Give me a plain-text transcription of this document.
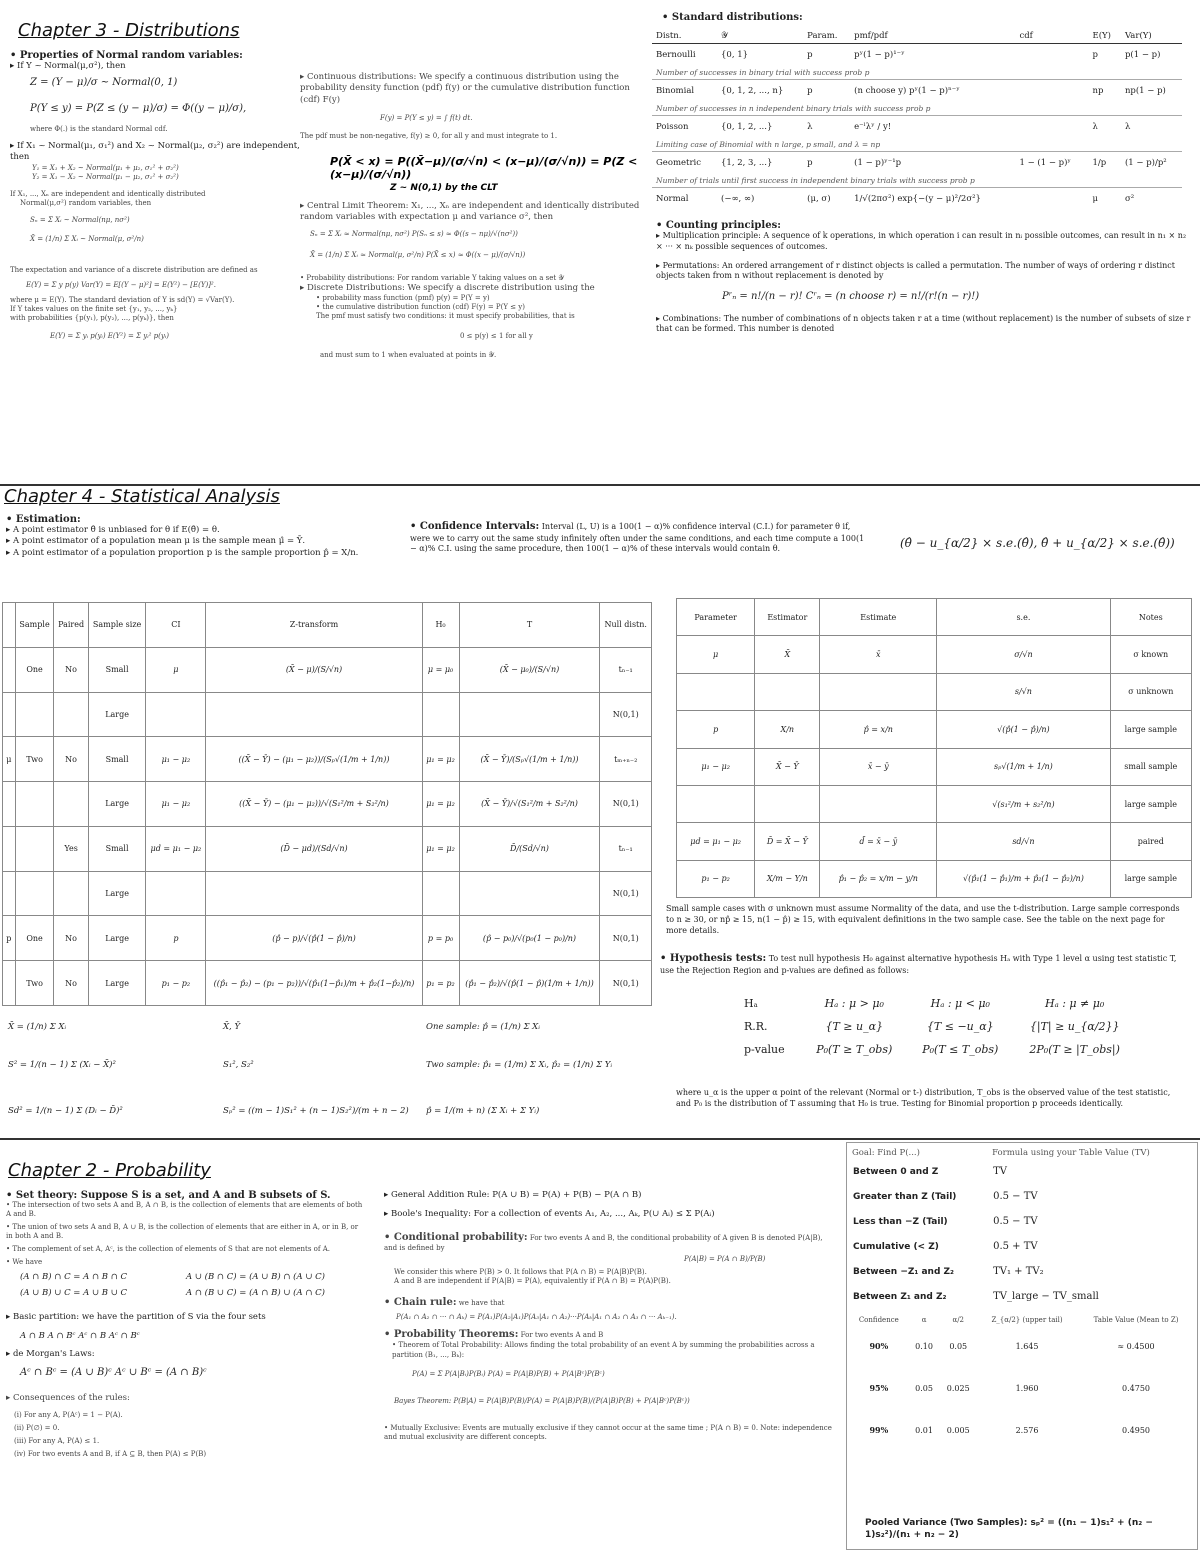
Chapter 3 - Distributions
• Properties of Normal random variables:
▸ If Y ~ Normal(μ,σ²), then
Z = (Y − μ)/σ ~ Normal(0, 1)
P(Y ≤ y) = P(Z ≤ (y − μ)/σ) = Φ((y − μ)/σ),
where Φ(.) is the standard Normal cdf.
▸ If X₁ ~ Normal(μ₁, σ₁²) and X₂ ~ Normal(μ₂, σ₂²) are independent, then
Y₁ = X₁ + X₂ ~ Normal(μ₁ + μ₂, σ₁² + σ₂²)
Y₂ = X₁ − X₂ ~ Normal(μ₁ − μ₂, σ₁² + σ₂²)
If X₁, ..., Xₙ are independent and identically distributed
Normal(μ,σ²) random variables, then
Sₙ = Σ Xᵢ ~ Normal(nμ, nσ²)
X̄ = (1/n) Σ Xᵢ ~ Normal(μ, σ²/n)
The expectation and variance of a discrete distribution are defined as
E(Y) = Σ y p(y) Var(Y) = E[(Y − μ)²] = E(Y²) − [E(Y)]².
where μ = E(Y). The standard deviation of Y is sd(Y) = √Var(Y).
If Y takes values on the finite set {y₁, y₂, ..., yₖ}
with probabilities {p(y₁), p(y₂), ..., p(yₖ)}, then
E(Y) = Σ yᵢ p(yᵢ) E(Y²) = Σ yᵢ² p(yᵢ)
▸ Continuous distributions: We specify a continuous distribution using the probability density function (pdf) f(y) or the cumulative distribution function (cdf) F(y)
F(y) = P(Y ≤ y) = ∫ f(t) dt.
The pdf must be non-negative, f(y) ≥ 0, for all y and must integrate to 1.
P(X̄ < x) = P((X̄−μ)/(σ/√n) < (x−μ)/(σ/√n)) = P(Z < (x−μ)/(σ/√n))
Z ~ N(0,1) by the CLT
▸ Central Limit Theorem: X₁, ..., Xₙ are independent and identically distributed random variables with expectation μ and variance σ², then
Sₙ = Σ Xᵢ ≈ Normal(nμ, nσ²) P(Sₙ ≤ s) ≈ Φ((s − nμ)/√(nσ²))
X̄ = (1/n) Σ Xᵢ ≈ Normal(μ, σ²/n) P(X̄ ≤ x) ≈ Φ((x − μ)/(σ/√n))
• Probability distributions: For random variable Y taking values on a set 𝒴
▸ Discrete Distributions: We specify a discrete distribution using the
• probability mass function (pmf) p(y) = P(Y = y)
• the cumulative distribution function (cdf) F(y) = P(Y ≤ y)
The pmf must satisfy two conditions: it must specify probabilities, that is
0 ≤ p(y) ≤ 1 for all y
and must sum to 1 when evaluated at points in 𝒴.
• Standard distributions:
Distn.	𝒴	Param.	pmf/pdf	cdf	E(Y)	Var(Y)
Bernoulli	{0, 1}	p	pʸ(1 − p)¹⁻ʸ		p	p(1 − p)
Number of successes in binary trial with success prob p						
Binomial	{0, 1, 2, ..., n}	p	(n choose y) pʸ(1 − p)ⁿ⁻ʸ		np	np(1 − p)
Number of successes in n independent binary trials with success prob p						
Poisson	{0, 1, 2, ...}	λ	e⁻ˡλʸ / y!		λ	λ
Limiting case of Binomial with n large, p small, and λ = np						
Geometric	{1, 2, 3, ...}	p	(1 − p)ʸ⁻¹p	1 − (1 − p)ʸ	1/p	(1 − p)/p²
Number of trials until first success in independent binary trials with success prob p						
Normal	(−∞, ∞)	(μ, σ)	1/√(2πσ²) exp{−(y − μ)²/2σ²}		μ	σ²
• Counting principles:
▸ Multiplication principle: A sequence of k operations, in which operation i can result in nᵢ possible outcomes, can result in n₁ × n₂ × ··· × nₖ possible sequences of outcomes.
▸ Permutations: An ordered arrangement of r distinct objects is called a permutation. The number of ways of ordering r distinct objects taken from n without replacement is denoted by
Pʳₙ = n!/(n − r)! Cʳₙ = (n choose r) = n!/(r!(n − r)!)
▸ Combinations: The number of combinations of n objects taken r at a time (without replacement) is the number of subsets of size r that can be formed. This number is denoted
Chapter 4 - Statistical Analysis
• Estimation:
▸ A point estimator θ̂ is unbiased for θ if E(θ̂) = θ.
▸ A point estimator of a population mean μ is the sample mean μ̂ = Ȳ.
▸ A point estimator of a population proportion p is the sample proportion p̂ = X/n.
• Confidence Intervals: Interval (L, U) is a 100(1 − α)% confidence interval (C.I.) for parameter θ if, were we to carry out the same study infinitely often under the same conditions, and each time compute a 100(1 − α)% C.I. using the same procedure, then 100(1 − α)% of these intervals would contain θ.	(θ̂ − u_{α/2} × s.e.(θ̂), θ̂ + u_{α/2} × s.e.(θ̂))
	Sample	Paired	Sample size	CI	Z-transform	H₀	T	Null distn.
	One	No	Small	μ	(X̄ − μ)/(S/√n)	μ = μ₀	(X̄ − μ₀)/(S/√n)	tₙ₋₁
			Large					N(0,1)
μ	Two	No	Small	μ₁ − μ₂	((X̄ − Ȳ) − (μ₁ − μ₂))/(Sₚ√(1/m + 1/n))	μ₁ = μ₂	(X̄ − Ȳ)/(Sₚ√(1/m + 1/n))	tₘ₊ₙ₋₂
			Large	μ₁ − μ₂	((X̄ − Ȳ) − (μ₁ − μ₂))/√(S₁²/m + S₂²/n)	μ₁ = μ₂	(X̄ − Ȳ)/√(S₁²/m + S₂²/n)	N(0,1)
		Yes	Small	μd = μ₁ − μ₂	(D̄ − μd)/(Sd/√n)	μ₁ = μ₂	D̄/(Sd/√n)	tₙ₋₁
			Large					N(0,1)
p	One	No	Large	p	(p̂ − p)/√(p̂(1 − p̂)/n)	p = p₀	(p̂ − p₀)/√(p₀(1 − p₀)/n)	N(0,1)
	Two	No	Large	p₁ − p₂	((p̂₁ − p̂₂) − (p₁ − p₂))/√(p̂₁(1−p̂₁)/m + p̂₂(1−p̂₂)/n)	p₁ = p₂	(p̂₁ − p̂₂)/√(p̂(1 − p̂)(1/m + 1/n))	N(0,1)
X̄ = (1/n) Σ Xᵢ	X̄, Ȳ	One sample: p̂ = (1/n) Σ Xᵢ
S² = 1/(n − 1) Σ (Xᵢ − X̄)²	S₁², S₂²	Two sample: p̂₁ = (1/m) Σ Xᵢ, p̂₂ = (1/n) Σ Yᵢ
Sd² = 1/(n − 1) Σ (Dᵢ − D̄)²	Sₚ² = ((m − 1)S₁² + (n − 1)S₂²)/(m + n − 2) p̂ = 1/(m + n) (Σ Xᵢ + Σ Yᵢ)
Parameter	Estimator	Estimate	s.e.	Notes
μ	X̄	x̄	σ/√n	σ known
			s/√n	σ unknown
p	X/n	p̂ = x/n	√(p̂(1 − p̂)/n)	large sample
μ₁ − μ₂	X̄ − Ȳ	x̄ − ȳ	sₚ√(1/m + 1/n)	small sample
			√(s₁²/m + s₂²/n)	large sample
μd = μ₁ − μ₂	D̄ = X̄ − Ȳ	d̄ = x̄ − ȳ	sd/√n	paired
p₁ − p₂	X/m − Y/n	p̂₁ − p̂₂ = x/m − y/n	√(p̂₁(1 − p̂₁)/m + p̂₂(1 − p̂₂)/n)	large sample
Small sample cases with σ unknown must assume Normality of the data, and use the t-distribution. Large sample corresponds to n ≥ 30, or np̂ ≥ 15, n(1 − p̂) ≥ 15, with equivalent definitions in the two sample case. See the table on the next page for more details.
• Hypothesis tests: To test null hypothesis H₀ against alternative hypothesis Hₐ with Type 1 level α using test statistic T, use the Rejection Region and p-values are defined as follows:
Hₐ	Hₐ : μ > μ₀	Hₐ : μ < μ₀	Hₐ : μ ≠ μ₀
R.R.	{T ≥ u_α}	{T ≤ −u_α}	{|T| ≥ u_{α/2}}
p-value	P₀(T ≥ T_obs)	P₀(T ≤ T_obs)	2P₀(T ≥ |T_obs|)
where u_α is the upper α point of the relevant (Normal or t-) distribution, T_obs is the observed value of the test statistic, and P₀ is the distribution of T assuming that H₀ is true. Testing for Binomial proportion p proceeds identically.
Chapter 2 - Probability
• Set theory: Suppose S is a set, and A and B subsets of S.
• The intersection of two sets A and B, A ∩ B, is the collection of elements that are elements of both A and B.
• The union of two sets A and B, A ∪ B, is the collection of elements that are either in A, or in B, or in both A and B.
• The complement of set A, Aᶜ, is the collection of elements of S that are not elements of A.
• We have
(A ∩ B) ∩ C = A ∩ B ∩ C	A ∪ (B ∩ C) = (A ∪ B) ∩ (A ∪ C)
(A ∪ B) ∪ C = A ∪ B ∪ C	A ∩ (B ∪ C) = (A ∩ B) ∪ (A ∩ C)
▸ Basic partition: we have the partition of S via the four sets
A ∩ B A ∩ Bᶜ Aᶜ ∩ B Aᶜ ∩ Bᶜ
▸ de Morgan's Laws:
Aᶜ ∩ Bᶜ = (A ∪ B)ᶜ Aᶜ ∪ Bᶜ = (A ∩ B)ᶜ
▸ Consequences of the rules:
(i) For any A, P(Aᶜ) = 1 − P(A).
(ii) P(∅) = 0.
(iii) For any A, P(A) ≤ 1.
(iv) For two events A and B, if A ⊆ B, then P(A) ≤ P(B)
▸ General Addition Rule: P(A ∪ B) = P(A) + P(B) − P(A ∩ B)
▸ Boole's Inequality: For a collection of events A₁, A₂, ..., Aₖ, P(∪ Aᵢ) ≤ Σ P(Aᵢ)
• Conditional probability: For two events A and B, the conditional probability of A given B is denoted P(A|B), and is defined by
P(A|B) = P(A ∩ B)/P(B)
We consider this where P(B) > 0. It follows that P(A ∩ B) = P(A|B)P(B).
A and B are independent if P(A|B) = P(A), equivalently if P(A ∩ B) = P(A)P(B).
• Chain rule: we have that
P(A₁ ∩ A₂ ∩ ··· ∩ Aₖ) = P(A₁)P(A₂|A₁)P(A₃|A₁ ∩ A₂)···P(Aₖ|A₁ ∩ A₂ ∩ A₃ ∩ ··· Aₖ₋₁).
• Probability Theorems: For two events A and B
• Theorem of Total Probability: Allows finding the total probability of an event A by summing the probabilities across a partition (B₁, ..., Bₖ):
P(A) = Σ P(A|Bᵢ)P(Bᵢ) P(A) = P(A|B)P(B) + P(A|Bᶜ)P(Bᶜ)
Bayes Theorem: P(B|A) = P(A|B)P(B)/P(A) = P(A|B)P(B)/(P(A|B)P(B) + P(A|Bᶜ)P(Bᶜ))
• Mutually Exclusive: Events are mutually exclusive if they cannot occur at the same time ; P(A ∩ B) = 0. Note: independence and mutual exclusivity are different concepts.
Goal: Find P(...)	Formula using your Table Value (TV)
Between 0 and Z	TV
Greater than Z (Tail)	0.5 − TV
Less than −Z (Tail)	0.5 − TV
Cumulative (< Z)	0.5 + TV
Between −Z₁ and Z₂	TV₁ + TV₂
Between Z₁ and Z₂	TV_large − TV_small
Confidence	α	α/2	Z_{α/2} (upper tail)	Table Value (Mean to Z)
90%	0.10	0.05	1.645	≈ 0.4500
95%	0.05	0.025	1.960	0.4750
99%	0.01	0.005	2.576	0.4950
Pooled Variance (Two Samples): sₚ² = ((n₁ − 1)s₁² + (n₂ − 1)s₂²)/(n₁ + n₂ − 2)
